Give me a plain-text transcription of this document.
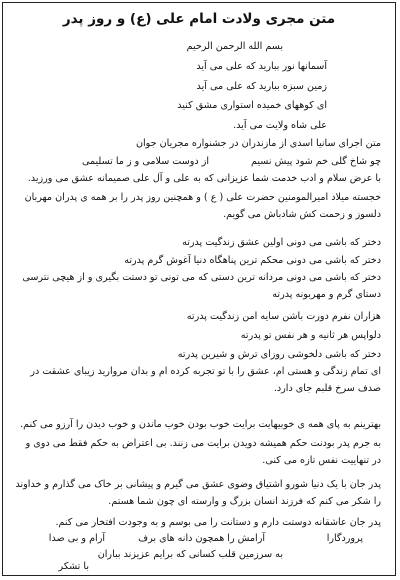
متن مجری ولادت امام علی (ع) و روز پدر
بسم الله الرحمن الرحیم
آسمانها نور ببارید که علی می آید
زمین سبزه ببارید که علی می آید
ای کوههای خمیده استواری مشق کنید
علی شاه ولایت می آید.
متن اجرای سانیا اسدی از مازندران در جشنواره مجریان جوان
چو شاخ گلی خم شود پیش نسیم
از دوست سلامی و ز ما تسلیمی
با عرض سلام و ادب خدمت شما عزیزانی که به علی و آل علی صمیمانه عشق می ورزید.
خجسته میلاد امیرالمومنین حضرت علی ( ع ) و همچنین روز پدر را بر همه ی پدران مهربان دلسوز و زحمت کش شادباش می گویم.
دختر که باشی می دونی اولین عشق زندگیت پدرته
دختر که باشی می دونی محکم ترین پناهگاه دنیا آغوش گرم پدرته
دختر که باشی می دونی مردانه ترین دستی که می تونی تو دستت بگیری و از هیچی نترسی دستای گرم و مهربونه پدرته
هزاران نفرم دورت باشن سایه امن زندگیت پدرته
دلواپس هر ثانیه و هر نفس تو پدرته
دختر که باشی دلخوشی روزای ترش و شیرین پدرته
ای تمام زندگی و هستی ام، عشق را با تو تجربه کرده ام و بدان مروارید زیبای عشقت در صدف سرخ قلبم جای دارد.
بهترینم به پای همه ی خوبیهایت برایت خوب بودن خوب ماندن و خوب دیدن را آرزو می کنم.
به جرم پدر بودنت حکم همیشه دویدن برایت می زنند. بی اعتراض به حکم فقط می دوی و در تنهاییت نفس تازه می کنی.
پدر جان با یک دنیا شورو اشتیاق وضوی عشق می گیرم و پیشانی بر خاک می گذارم و خداوند را شکر می کنم که فرزند انسان بزرگ و وارسته ای چون شما هستم.
پدر جان عاشقانه دوستت دارم و دستانت را می بوسم و به وجودت افتخار می کنم.
پروردگارا
آرامش را همچون دانه های برف
آرام و بی صدا
به سرزمین قلب کسانی که برایم عزیزند بباران
با تشکر
